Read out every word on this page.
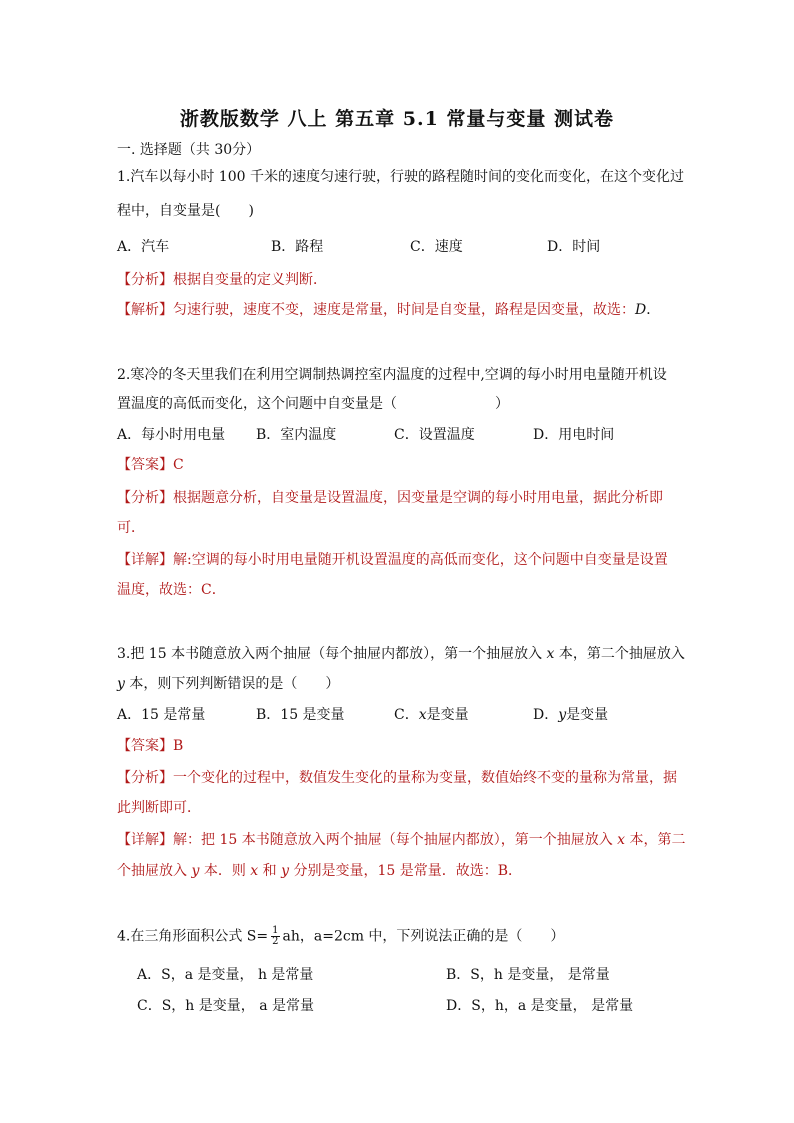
浙教版数学 八上 第五章 5.1 常量与变量 测试卷
一. 选择题（共 30分）
1.汽车以每小时 100 千米的速度匀速行驶，行驶的路程随时间的变化而变化，在这个变化过
程中，自变量是(　　)
A．汽车	B．路程	C．速度	D．时间
【分析】根据自变量的定义判断．
【解析】匀速行驶，速度不变，速度是常量，时间是自变量，路程是因变量，故选：D．
2.寒冷的冬天里我们在利用空调制热调控室内温度的过程中,空调的每小时用电量随开机设
置温度的高低而变化，这个问题中自变量是（　　　　　　　）
A．每小时用电量 B．室内温度	C．设置温度	D．用电时间
【答案】C
【分析】根据题意分析，自变量是设置温度，因变量是空调的每小时用电量，据此分析即
可．
【详解】解:空调的每小时用电量随开机设置温度的高低而变化，这个问题中自变量是设置
温度，故选：C．
3.把 15 本书随意放入两个抽屉（每个抽屉内都放），第一个抽屉放入 x 本，第二个抽屉放入
y 本，则下列判断错误的是（　　）
A．15 是常量	B．15 是变量	C．x是变量	D．y是变量
【答案】B
【分析】一个变化的过程中，数值发生变化的量称为变量，数值始终不变的量称为常量，据
此判断即可．
【详解】解：把 15 本书随意放入两个抽屉（每个抽屉内都放），第一个抽屉放入 x 本，第二
个抽屉放入 y 本．则 x 和 y 分别是变量，15 是常量．故选：B．
4.在三角形面积公式 $S= \frac{1}{2}$ ah，a=2cm 中，下列说法正确的是（　　）
A．S，a 是变量， h 是常量	B．S，h 是变量， 是常量
C．S，h 是变量， a 是常量	D．S，h，a 是变量， 是常量
